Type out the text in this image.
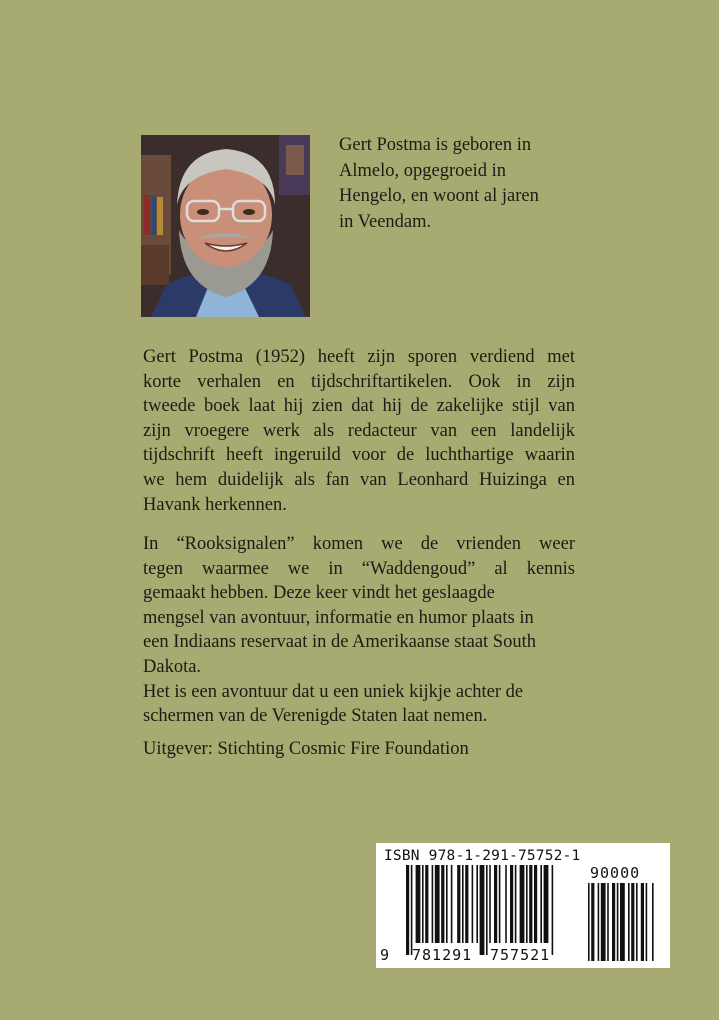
Gert Postma is geboren in
Almelo, opgegroeid in
Hengelo, en woont al jaren
in Veendam.
Gert Postma (1952) heeft zijn sporen verdiend met
korte verhalen en tijdschriftartikelen. Ook in zijn
tweede boek laat hij zien dat hij de zakelijke stijl van
zijn vroegere werk als redacteur van een landelijk
tijdschrift heeft ingeruild voor de luchthartige waarin
we hem duidelijk als fan van Leonhard Huizinga en
Havank herkennen.
In “Rooksignalen” komen we de vrienden weer
tegen waarmee we in “Waddengoud” al kennis
gemaakt hebben. Deze keer vindt het geslaagde
mengsel van avontuur, informatie en humor plaats in
een Indiaans reservaat in de Amerikaanse staat South
Dakota.
Het is een avontuur dat u een uniek kijkje achter de
schermen van de Verenigde Staten laat nemen.
Uitgever: Stichting Cosmic Fire Foundation
ISBN 978-1-291-75752-1
90000
9 781291 757521
